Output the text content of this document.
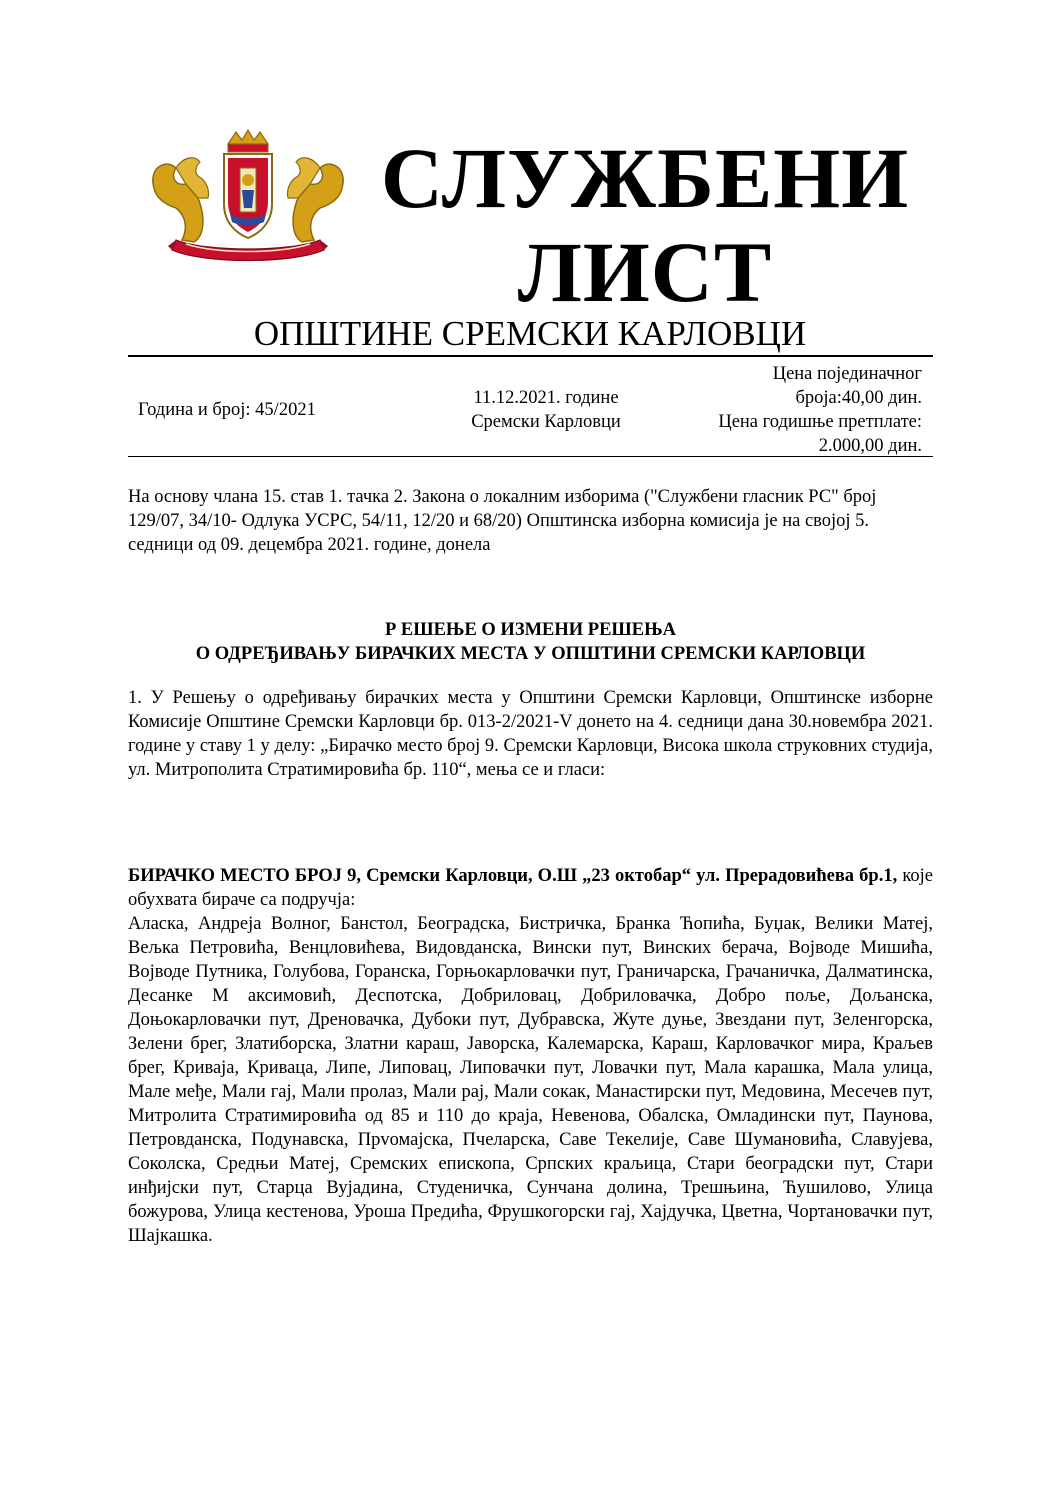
СЛУЖБЕНИ
ЛИСТ
ОПШТИНЕ СРЕМСКИ КАРЛОВЦИ
Година и број: 45/2021
11.12.2021. године
Сремски Карловци
Цена појединачног
броја:40,00 дин.
Цена годишње претплате:
2.000,00 дин.
На основу члана 15. став 1. тачка 2. Закона о локалним изборима ("Службени гласник РС" број 129/07, 34/10- Одлука УСРС, 54/11, 12/20 и 68/20) Општинска изборна комисија је на својој 5. седници од 09. децембра 2021. године, донела
Р ЕШЕЊЕ О ИЗМЕНИ РЕШЕЊА
О ОДРЕЂИВАЊУ БИРАЧКИХ МЕСТА У ОПШТИНИ СРЕМСКИ КАРЛОВЦИ
1. У Решењу о одређивању бирачких места у Општини Сремски Карловци, Општинске изборне Комисије Општине Сремски Карловци бр. 013-2/2021-V донето на 4. седници дана 30.новембра 2021. године у ставу 1 у делу: „Бирачко место број 9. Сремски Карловци, Висока школа струковних студија, ул. Митрополита Стратимировића бр. 110“, мења се и гласи:
БИРАЧКО МЕСТО БРОЈ 9, Сремски Карловци, О.Ш „23 октобар“ ул. Прерадовићева бр.1, које обухвата бираче са подручја:
Аласка, Андреја Волног, Банстол, Београдска, Бистричка, Бранка Ћопића, Буџак, Велики Матеј, Вељка Петровића, Венцловићева, Видовданска, Вински пут, Винских берача, Војводе Мишића, Војводе Путника, Голубова, Горанска, Горњокарловачки пут, Граничарска, Грачаничка, Далматинска, Десанке М аксимовић, Деспотска, Добриловац, Добриловачка, Добро поље, Дољанска, Доњокарловачки пут, Дреновачка, Дубоки пут, Дубравска, Жуте дуње, Звездани пут, Зеленгорска, Зелени брег, Златиборска, Златни караш, Јаворска, Калемарска, Караш, Карловачког мира, Краљев брег, Криваја, Криваца, Липе, Липовац, Липовачки пут, Ловачки пут, Мала карашка, Мала улица, Мале међе, Мали гај, Мали пролаз, Мали рај, Мали сокак, Манастирски пут, Медовина, Месечев пут, Митролита Стратимировића од 85 и 110 до краја, Невенова, Обалска, Омладински пут, Паунова, Петровданска, Подунавска, Прvомајска, Пчеларска, Саве Текелије, Саве Шумановића, Славујева, Соколска, Средњи Матеј, Сремских епископа, Српских краљица, Стари београдски пут, Стари инђијски пут, Старца Вујадина, Студеничка, Сунчана долина, Трешњина, Ћушилово, Улица божурова, Улица кестенова, Уроша Предића, Фрушкогорски гај, Хајдучка, Цветна, Чортановачки пут, Шајкашка.
